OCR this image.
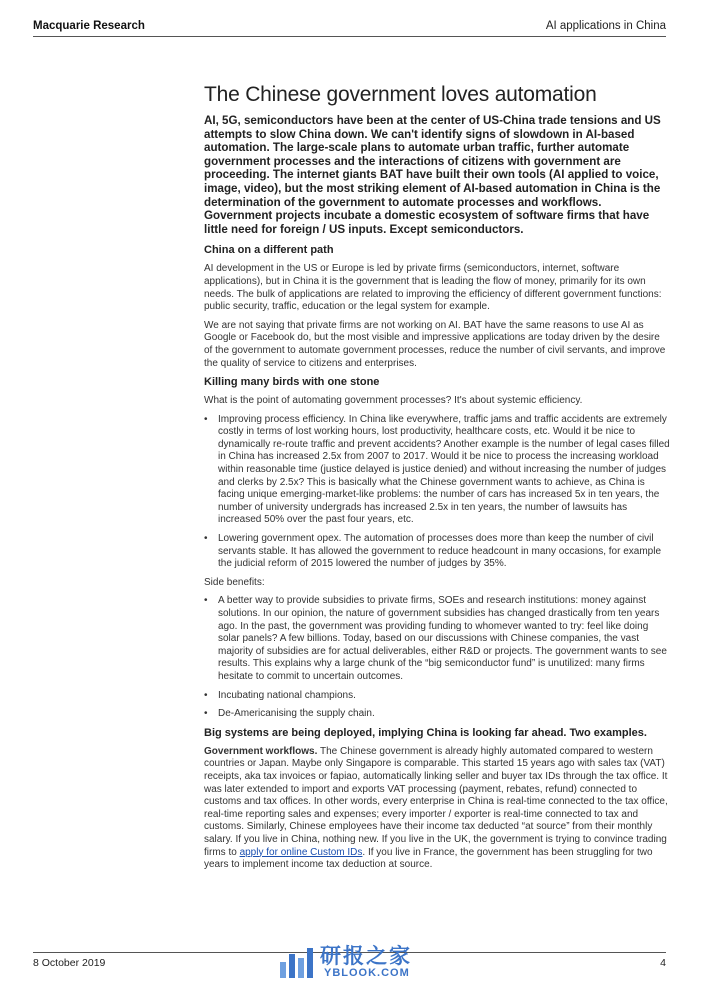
Macquarie Research	AI applications in China
The Chinese government loves automation

AI, 5G, semiconductors have been at the center of US-China trade tensions and US attempts to slow China down. We can't identify signs of slowdown in AI-based automation. The large-scale plans to automate urban traffic, further automate government processes and the interactions of citizens with government are proceeding. The internet giants BAT have built their own tools (AI applied to voice, image, video), but the most striking element of AI-based automation in China is the determination of the government to automate processes and workflows. Government projects incubate a domestic ecosystem of software firms that have little need for foreign / US inputs. Except semiconductors.

China on a different path

AI development in the US or Europe is led by private firms (semiconductors, internet, software applications), but in China it is the government that is leading the flow of money, primarily for its own needs. The bulk of applications are related to improving the efficiency of different government functions: public security, traffic, education or the legal system for example.

We are not saying that private firms are not working on AI. BAT have the same reasons to use AI as Google or Facebook do, but the most visible and impressive applications are today driven by the desire of the government to automate government processes, reduce the number of civil servants, and improve the quality of service to citizens and enterprises.

Killing many birds with one stone

What is the point of automating government processes? It's about systemic efficiency.

• Improving process efficiency. In China like everywhere, traffic jams and traffic accidents are extremely costly in terms of lost working hours, lost productivity, healthcare costs, etc. Would it be nice to dynamically re-route traffic and prevent accidents? Another example is the number of legal cases filled in China has increased 2.5x from 2007 to 2017. Would it be nice to process the increasing workload within reasonable time (justice delayed is justice denied) and without increasing the number of judges and clerks by 2.5x? This is basically what the Chinese government wants to achieve, as China is facing unique emerging-market-like problems: the number of cars has increased 5x in ten years, the number of university undergrads has increased 2.5x in ten years, the number of lawsuits has increased 50% over the past four years, etc.
• Lowering government opex. The automation of processes does more than keep the number of civil servants stable. It has allowed the government to reduce headcount in many occasions, for example the judicial reform of 2015 lowered the number of judges by 35%.

Side benefits:

• A better way to provide subsidies to private firms, SOEs and research institutions: money against solutions. In our opinion, the nature of government subsidies has changed drastically from ten years ago. In the past, the government was providing funding to whomever wanted to try: feel like doing solar panels? A few billions. Today, based on our discussions with Chinese companies, the vast majority of subsidies are for actual deliverables, either R&D or projects. The government wants to see results. This explains why a large chunk of the “big semiconductor fund” is unutilized: many firms hesitate to commit to uncertain outcomes.
• Incubating national champions.
• De-Americanising the supply chain.
Big systems are being deployed, implying China is looking far ahead. Two examples.

Government workflows. The Chinese government is already highly automated compared to western countries or Japan. Maybe only Singapore is comparable. This started 15 years ago with sales tax (VAT) receipts, aka tax invoices or fapiao, automatically linking seller and buyer tax IDs through the tax office. It was later extended to import and exports VAT processing (payment, rebates, refund) connected to customs and tax offices. In other words, every enterprise in China is real-time connected to the tax office, real-time reporting sales and expenses; every importer / exporter is real-time connected to tax and customs. Similarly, Chinese employees have their income tax deducted “at source” from their monthly salary. If you live in China, nothing new. If you live in the UK, the government is trying to convince trading firms to apply for online Custom IDs. If you live in France, the government has been struggling for two years to implement income tax deduction at source.

8 October 2019	4
研报之家
YBLOOK.COM
